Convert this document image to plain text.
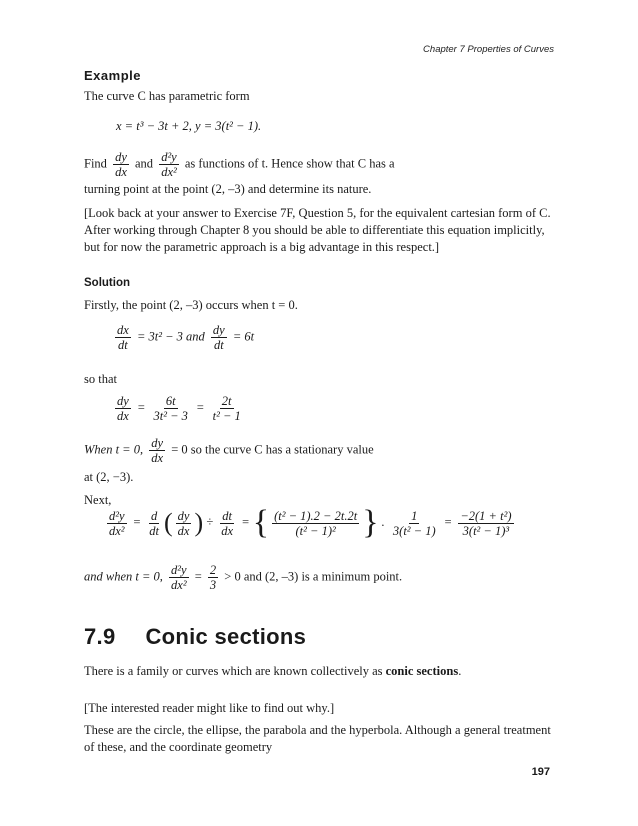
Chapter 7 Properties of Curves
Example
The curve C has parametric form
x = t³ − 3t + 2, y = 3(t² − 1).
Find $\frac{dy}{dx}$ and $\frac{\text{d²y}}{\text{dx²}}$ as functions of t. Hence show that C has a
turning point at the point (2, –3) and determine its nature.
[Look back at your answer to Exercise 7F, Question 5, for the equivalent cartesian form of C. After working through Chapter 8 you should be able to differentiate this equation implicitly, but for now the parametric approach is a big advantage in this respect.]
Solution
Firstly, the point (2, –3) occurs when t = 0.
$\frac{dx}{dt} = 3t^2 - 3$ and $\frac{dy}{dt} = 6t$
so that
$\frac{dy}{dx} = \frac{6t}{\text{3t² − 3}} = \frac{2t}{\text{t² − 1}}$
When t = 0, $\frac{dy}{dx} = 0$ so the curve C has a stationary value
at (2, −3).
Next,
$\frac{\text{d²y}}{\text{dx²}} = \frac{d}{dt}$ ( $\frac{dy}{dx}$ ) ÷ $\frac{dt}{dx}$ = { $\frac{\text{(t² − 1).2 − 2t.2t}}{\text{(t² − 1)²}}$ } . $\frac{1}{\text{3(t² − 1)}} = \frac{\text{−2(1 + t²)}}{\text{3(t² − 1)³}}$
and when t = 0, $\frac{\text{d²y}}{\text{dx²}} = \frac{2}{3} > 0$ and (2, –3) is a minimum point.
7.9 Conic sections
There is a family or curves which are known collectively as conic sections.
[The interested reader might like to find out why.]
These are the circle, the ellipse, the parabola and the hyperbola. Although a general treatment of these, and the coordinate geometry
197
